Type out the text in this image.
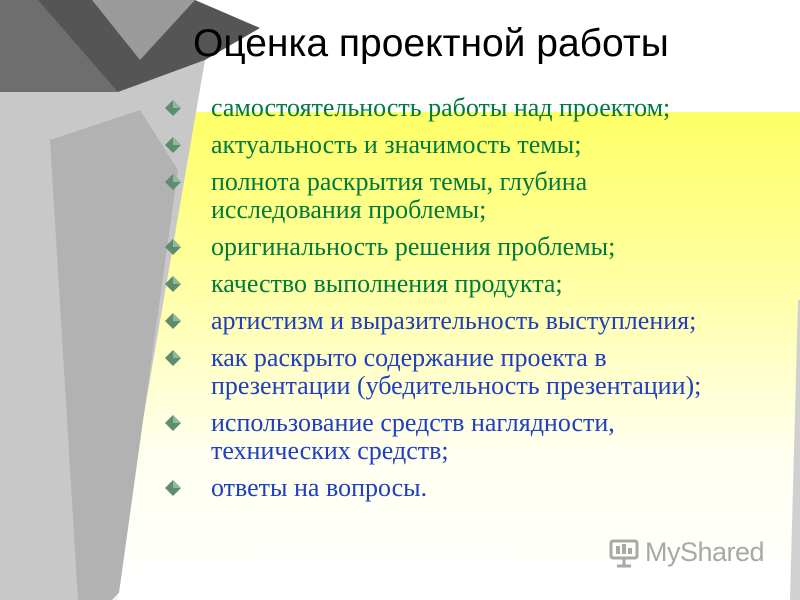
Оценка проектной работы
самостоятельность работы над проектом;
актуальность и значимость темы;
полнота раскрытия темы, глубина исследования проблемы;
оригинальность решения проблемы;
качество выполнения продукта;
артистизм и выразительность выступления;
как раскрыто содержание проекта в презентации (убедительность презентации);
использование средств наглядности, технических средств;
ответы на вопросы.
MyShared
